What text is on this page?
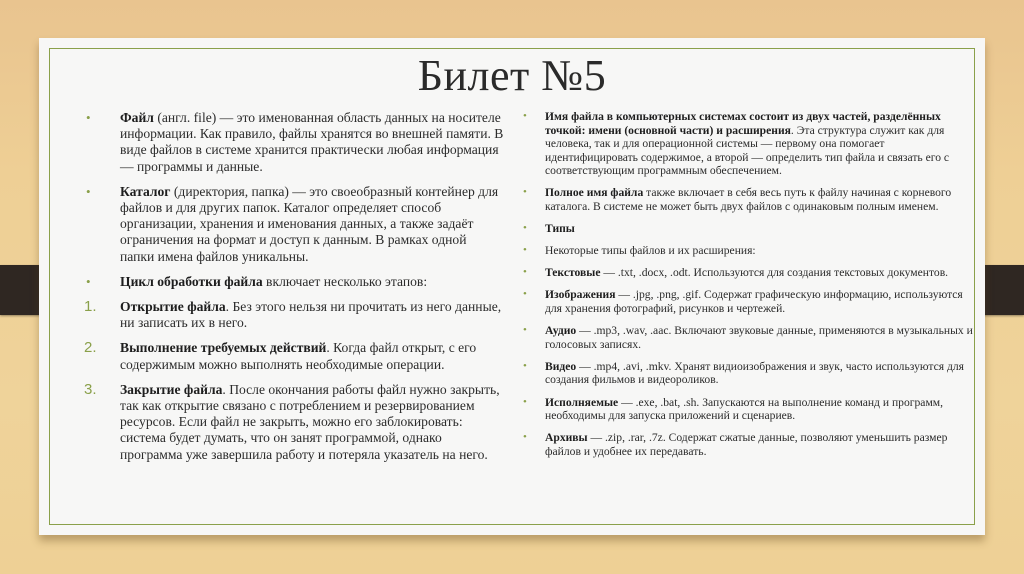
Билет №5
• Файл (англ. file) — это именованная область данных на носителе информации. Как правило, файлы хранятся во внешней памяти. В виде файлов в системе хранится практически любая информация — программы и данные.
• Каталог (директория, папка) — это своеобразный контейнер для файлов и для других папок. Каталог определяет способ организации, хранения и именования данных, а также задаёт ограничения на формат и доступ к данным. В рамках одной папки имена файлов уникальны.
• Цикл обработки файла включает несколько этапов:
1. Открытие файла. Без этого нельзя ни прочитать из него данные, ни записать их в него.
2. Выполнение требуемых действий. Когда файл открыт, с его содержимым можно выполнять необходимые операции.
3. Закрытие файла. После окончания работы файл нужно закрыть, так как открытие связано с потреблением и резервированием ресурсов. Если файл не закрыть, можно его заблокировать: система будет думать, что он занят программой, однако программа уже завершила работу и потеряла указатель на него.
• Имя файла в компьютерных системах состоит из двух частей, разделённых точкой: имени (основной части) и расширения. Эта структура служит как для человека, так и для операционной системы — первому она помогает идентифицировать содержимое, а второй — определить тип файла и связать его с соответствующим программным обеспечением.
• Полное имя файла также включает в себя весь путь к файлу начиная с корневого каталога. В системе не может быть двух файлов с одинаковым полным именем.
• Типы
• Некоторые типы файлов и их расширения:
• Текстовые — .txt, .docx, .odt. Используются для создания текстовых документов.
• Изображения — .jpg, .png, .gif. Содержат графическую информацию, используются для хранения фотографий, рисунков и чертежей.
• Аудио — .mp3, .wav, .aac. Включают звуковые данные, применяются в музыкальных и голосовых записях.
• Видео — .mp4, .avi, .mkv. Хранят видиоизображения и звук, часто используются для создания фильмов и видеороликов.
• Исполняемые — .exe, .bat, .sh. Запускаются на выполнение команд и программ, необходимы для запуска приложений и сценариев.
• Архивы — .zip, .rar, .7z. Содержат сжатые данные, позволяют уменьшить размер файлов и удобнее их передавать.
